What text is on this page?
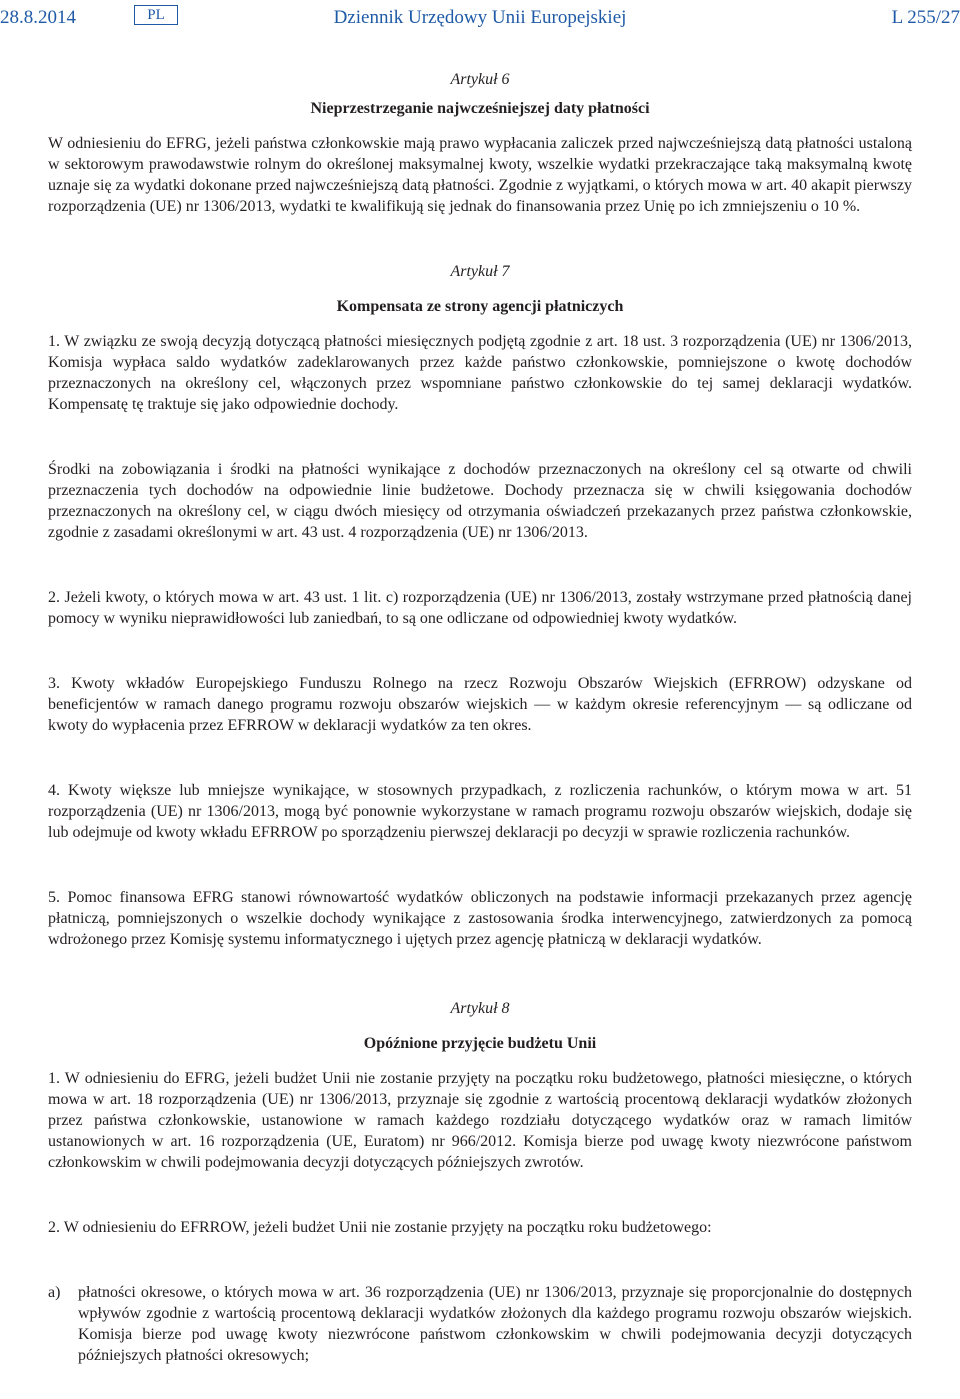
28.8.2014	PL	Dziennik Urzędowy Unii Europejskiej	L 255/27
Artykuł 6
Nieprzestrzeganie najwcześniejszej daty płatności

W odniesieniu do EFRG, jeżeli państwa członkowskie mają prawo wypłacania zaliczek przed najwcześniejszą datą płatności ustaloną w sektorowym prawodawstwie rolnym do określonej maksymalnej kwoty, wszelkie wydatki przekraczające taką maksymalną kwotę uznaje się za wydatki dokonane przed najwcześniejszą datą płatności. Zgodnie z wyjątkami, o których mowa w art. 40 akapit pierwszy rozporządzenia (UE) nr 1306/2013, wydatki te kwalifikują się jednak do finansowania przez Unię po ich zmniejszeniu o 10 %.

Artykuł 7
Kompensata ze strony agencji płatniczych

1. W związku ze swoją decyzją dotyczącą płatności miesięcznych podjętą zgodnie z art. 18 ust. 3 rozporządzenia (UE) nr 1306/2013, Komisja wypłaca saldo wydatków zadeklarowanych przez każde państwo członkowskie, pomniejszone o kwotę dochodów przeznaczonych na określony cel, włączonych przez wspomniane państwo członkowskie do tej samej deklaracji wydatków. Kompensatę tę traktuje się jako odpowiednie dochody.

Środki na zobowiązania i środki na płatności wynikające z dochodów przeznaczonych na określony cel są otwarte od chwili przeznaczenia tych dochodów na odpowiednie linie budżetowe. Dochody przeznacza się w chwili księgowania dochodów przeznaczonych na określony cel, w ciągu dwóch miesięcy od otrzymania oświadczeń przekazanych przez państwa członkowskie, zgodnie z zasadami określonymi w art. 43 ust. 4 rozporządzenia (UE) nr 1306/2013.

2. Jeżeli kwoty, o których mowa w art. 43 ust. 1 lit. c) rozporządzenia (UE) nr 1306/2013, zostały wstrzymane przed płatnością danej pomocy w wyniku nieprawidłowości lub zaniedbań, to są one odliczane od odpowiedniej kwoty wydatków.

3. Kwoty wkładów Europejskiego Funduszu Rolnego na rzecz Rozwoju Obszarów Wiejskich (EFRROW) odzyskane od beneficjentów w ramach danego programu rozwoju obszarów wiejskich — w każdym okresie referencyjnym — są odliczane od kwoty do wypłacenia przez EFRROW w deklaracji wydatków za ten okres.

4. Kwoty większe lub mniejsze wynikające, w stosownych przypadkach, z rozliczenia rachunków, o którym mowa w art. 51 rozporządzenia (UE) nr 1306/2013, mogą być ponownie wykorzystane w ramach programu rozwoju obszarów wiejskich, dodaje się lub odejmuje od kwoty wkładu EFRROW po sporządzeniu pierwszej deklaracji po decyzji w sprawie rozliczenia rachunków.

5. Pomoc finansowa EFRG stanowi równowartość wydatków obliczonych na podstawie informacji przekazanych przez agencję płatniczą, pomniejszonych o wszelkie dochody wynikające z zastosowania środka interwencyjnego, zatwierdzonych za pomocą wdrożonego przez Komisję systemu informatycznego i ujętych przez agencję płatniczą w deklaracji wydatków.

Artykuł 8
Opóźnione przyjęcie budżetu Unii

1. W odniesieniu do EFRG, jeżeli budżet Unii nie zostanie przyjęty na początku roku budżetowego, płatności miesięczne, o których mowa w art. 18 rozporządzenia (UE) nr 1306/2013, przyznaje się zgodnie z wartością procentową deklaracji wydatków złożonych przez państwa członkowskie, ustanowione w ramach każdego rozdziału dotyczącego wydatków oraz w ramach limitów ustanowionych w art. 16 rozporządzenia (UE, Euratom) nr 966/2012. Komisja bierze pod uwagę kwoty niezwrócone państwom członkowskim w chwili podejmowania decyzji dotyczących późniejszych zwrotów.

2. W odniesieniu do EFRROW, jeżeli budżet Unii nie zostanie przyjęty na początku roku budżetowego:

a)	płatności okresowe, o których mowa w art. 36 rozporządzenia (UE) nr 1306/2013, przyznaje się proporcjonalnie do dostępnych wpływów zgodnie z wartością procentową deklaracji wydatków złożonych dla każdego programu rozwoju obszarów wiejskich. Komisja bierze pod uwagę kwoty niezwrócone państwom członkowskim w chwili podejmowania decyzji dotyczących późniejszych płatności okresowych;
